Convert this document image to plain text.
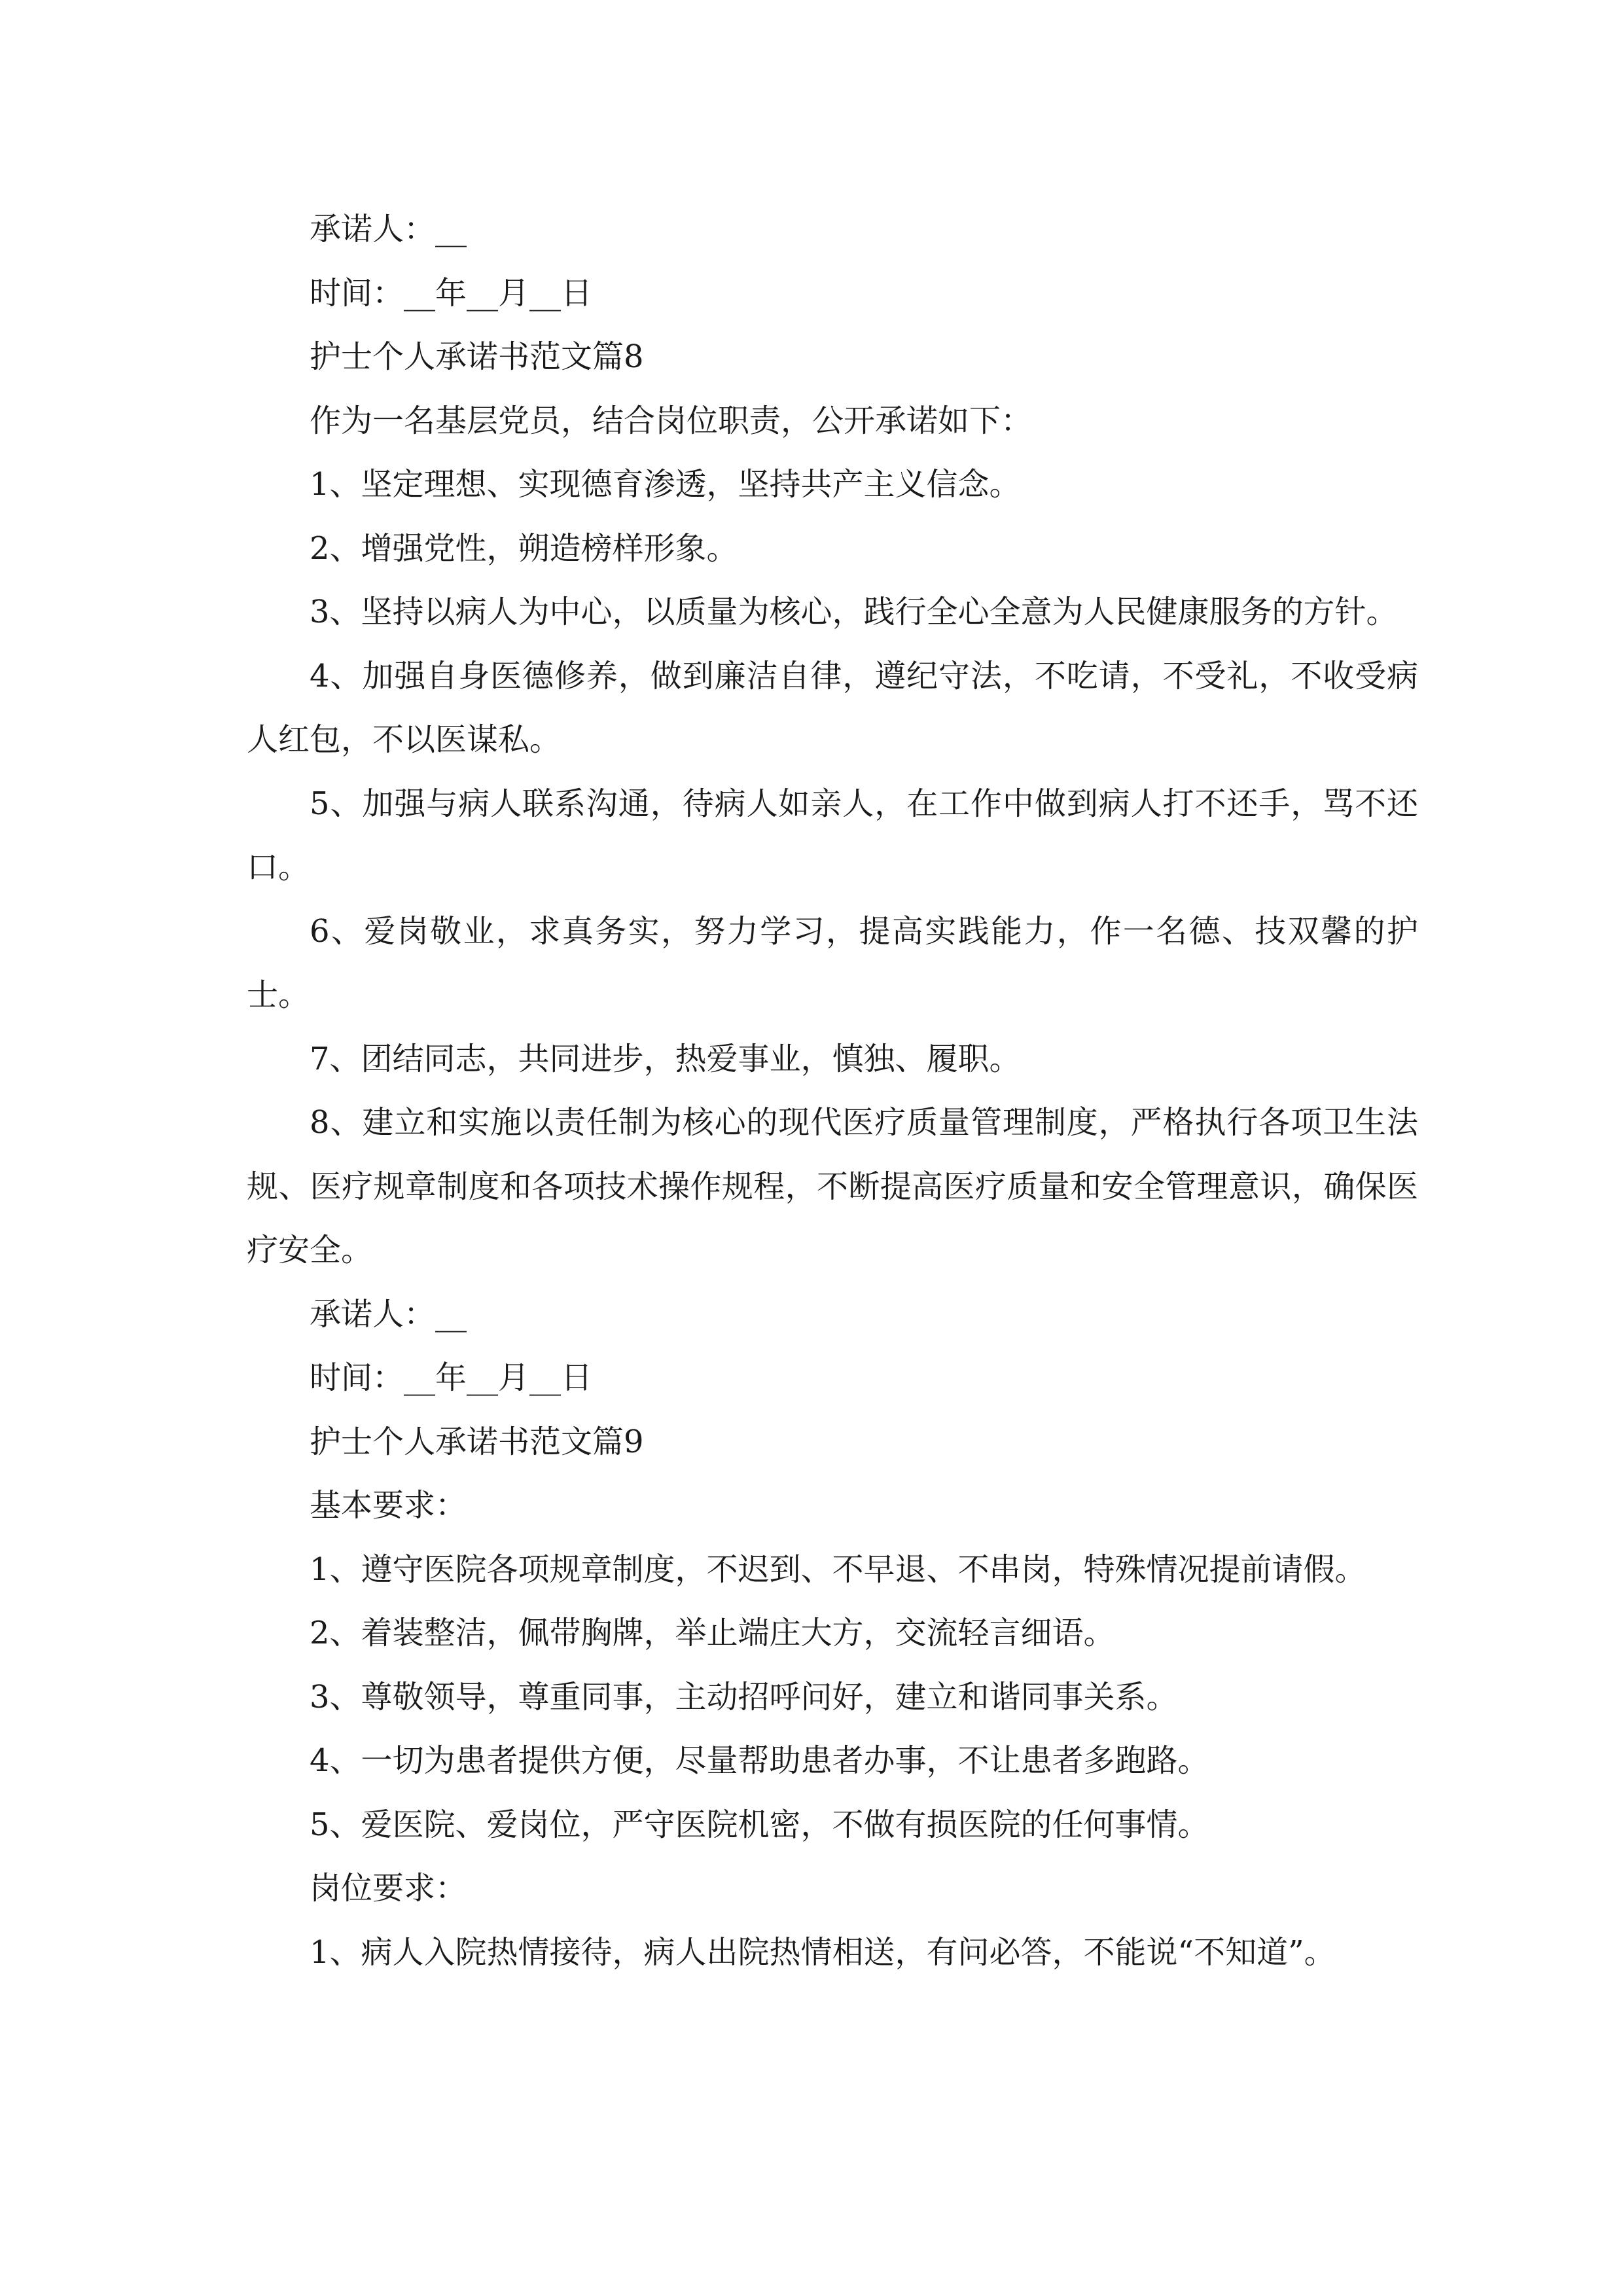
承诺人：__

时间：__年__月__日

护士个人承诺书范文篇8

作为一名基层党员，结合岗位职责，公开承诺如下：

1、坚定理想、实现德育渗透，坚持共产主义信念。

2、增强党性，朔造榜样形象。

3、坚持以病人为中心，以质量为核心，践行全心全意为人民健康服务的方针。

4、加强自身医德修养，做到廉洁自律，遵纪守法，不吃请，不受礼，不收受病人红包，不以医谋私。

5、加强与病人联系沟通，待病人如亲人，在工作中做到病人打不还手，骂不还口。

6、爱岗敬业，求真务实，努力学习，提高实践能力，作一名德、技双馨的护士。

7、团结同志，共同进步，热爱事业，慎独、履职。

8、建立和实施以责任制为核心的现代医疗质量管理制度，严格执行各项卫生法规、医疗规章制度和各项技术操作规程，不断提高医疗质量和安全管理意识，确保医疗安全。

承诺人：__

时间：__年__月__日

护士个人承诺书范文篇9

基本要求：

1、遵守医院各项规章制度，不迟到、不早退、不串岗，特殊情况提前请假。

2、着装整洁，佩带胸牌，举止端庄大方，交流轻言细语。

3、尊敬领导，尊重同事，主动招呼问好，建立和谐同事关系。

4、一切为患者提供方便，尽量帮助患者办事，不让患者多跑路。

5、爱医院、爱岗位，严守医院机密，不做有损医院的任何事情。

岗位要求：

1、病人入院热情接待，病人出院热情相送，有问必答，不能说“不知道”。
